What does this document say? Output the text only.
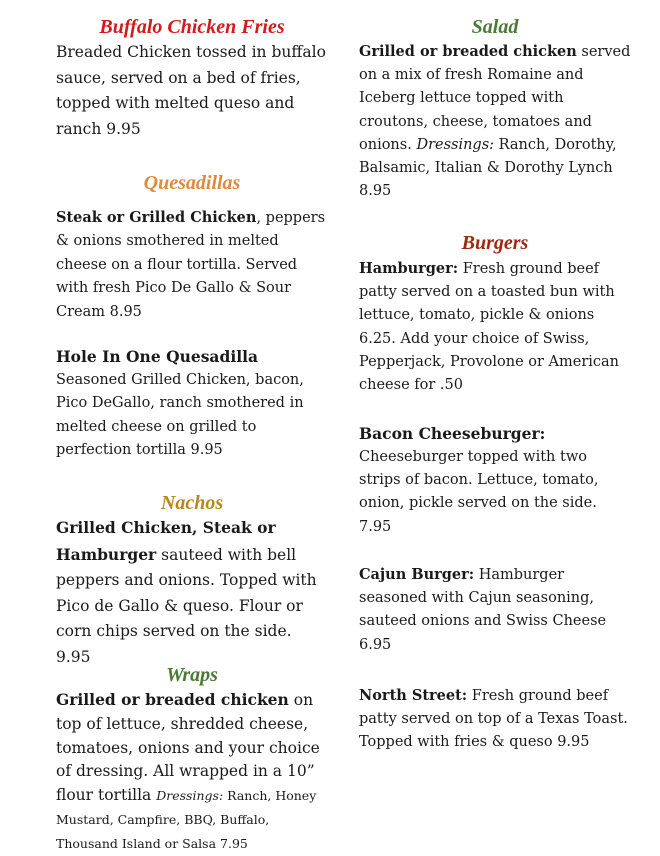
Buffalo Chicken Fries

Breaded Chicken tossed in buffalo sauce, served on a bed of fries, topped with melted queso and ranch 9.95

Quesadillas

Steak or Grilled Chicken, peppers & onions smothered in melted cheese on a flour tortilla. Served with fresh Pico De Gallo & Sour Cream 8.95

Hole In One Quesadilla

Seasoned Grilled Chicken, bacon, Pico DeGallo, ranch smothered in melted cheese on grilled to perfection tortilla 9.95

Nachos

Grilled Chicken, Steak or Hamburger sauteed with bell peppers and onions. Topped with Pico de Gallo & queso. Flour or corn chips served on the side. 9.95

Wraps

Grilled or breaded chicken on top of lettuce, shredded cheese, tomatoes, onions and your choice of dressing. All wrapped in a 10” flour tortilla Dressings: Ranch, Honey Mustard, Campfire, BBQ, Buffalo, Thousand Island or Salsa 7.95

Salad

Grilled or breaded chicken served on a mix of fresh Romaine and Iceberg lettuce topped with croutons, cheese, tomatoes and onions. Dressings: Ranch, Dorothy, Balsamic, Italian & Dorothy Lynch 8.95

Burgers

Hamburger: Fresh ground beef patty served on a toasted bun with lettuce, tomato, pickle & onions 6.25. Add your choice of Swiss, Pepperjack, Provolone or American cheese for .50

Bacon Cheeseburger:

Cheeseburger topped with two strips of bacon. Lettuce, tomato, onion, pickle served on the side. 7.95

Cajun Burger: Hamburger seasoned with Cajun seasoning, sauteed onions and Swiss Cheese 6.95

North Street: Fresh ground beef patty served on top of a Texas Toast. Topped with fries & queso 9.95
